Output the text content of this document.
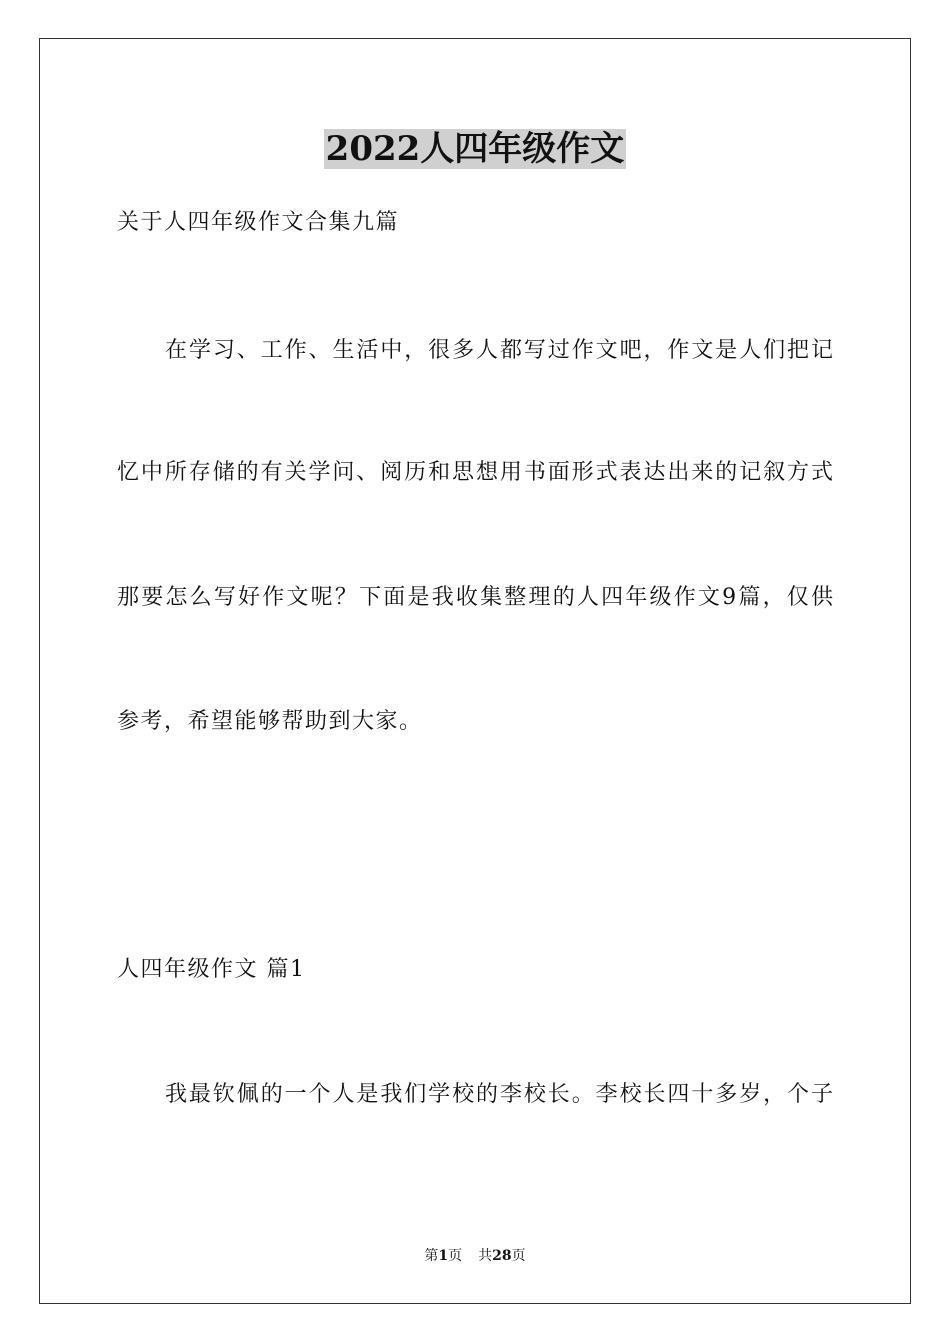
2022人四年级作文
关于人四年级作文合集九篇
在学习、工作、生活中，很多人都写过作文吧，作文是人们把记
忆中所存储的有关学问、阅历和思想用书面形式表达出来的记叙方式
那要怎么写好作文呢？下面是我收集整理的人四年级作文9篇，仅供
参考，希望能够帮助到大家。
人四年级作文 篇1
我最钦佩的一个人是我们学校的李校长。李校长四十多岁，个子
第1页 共28页
